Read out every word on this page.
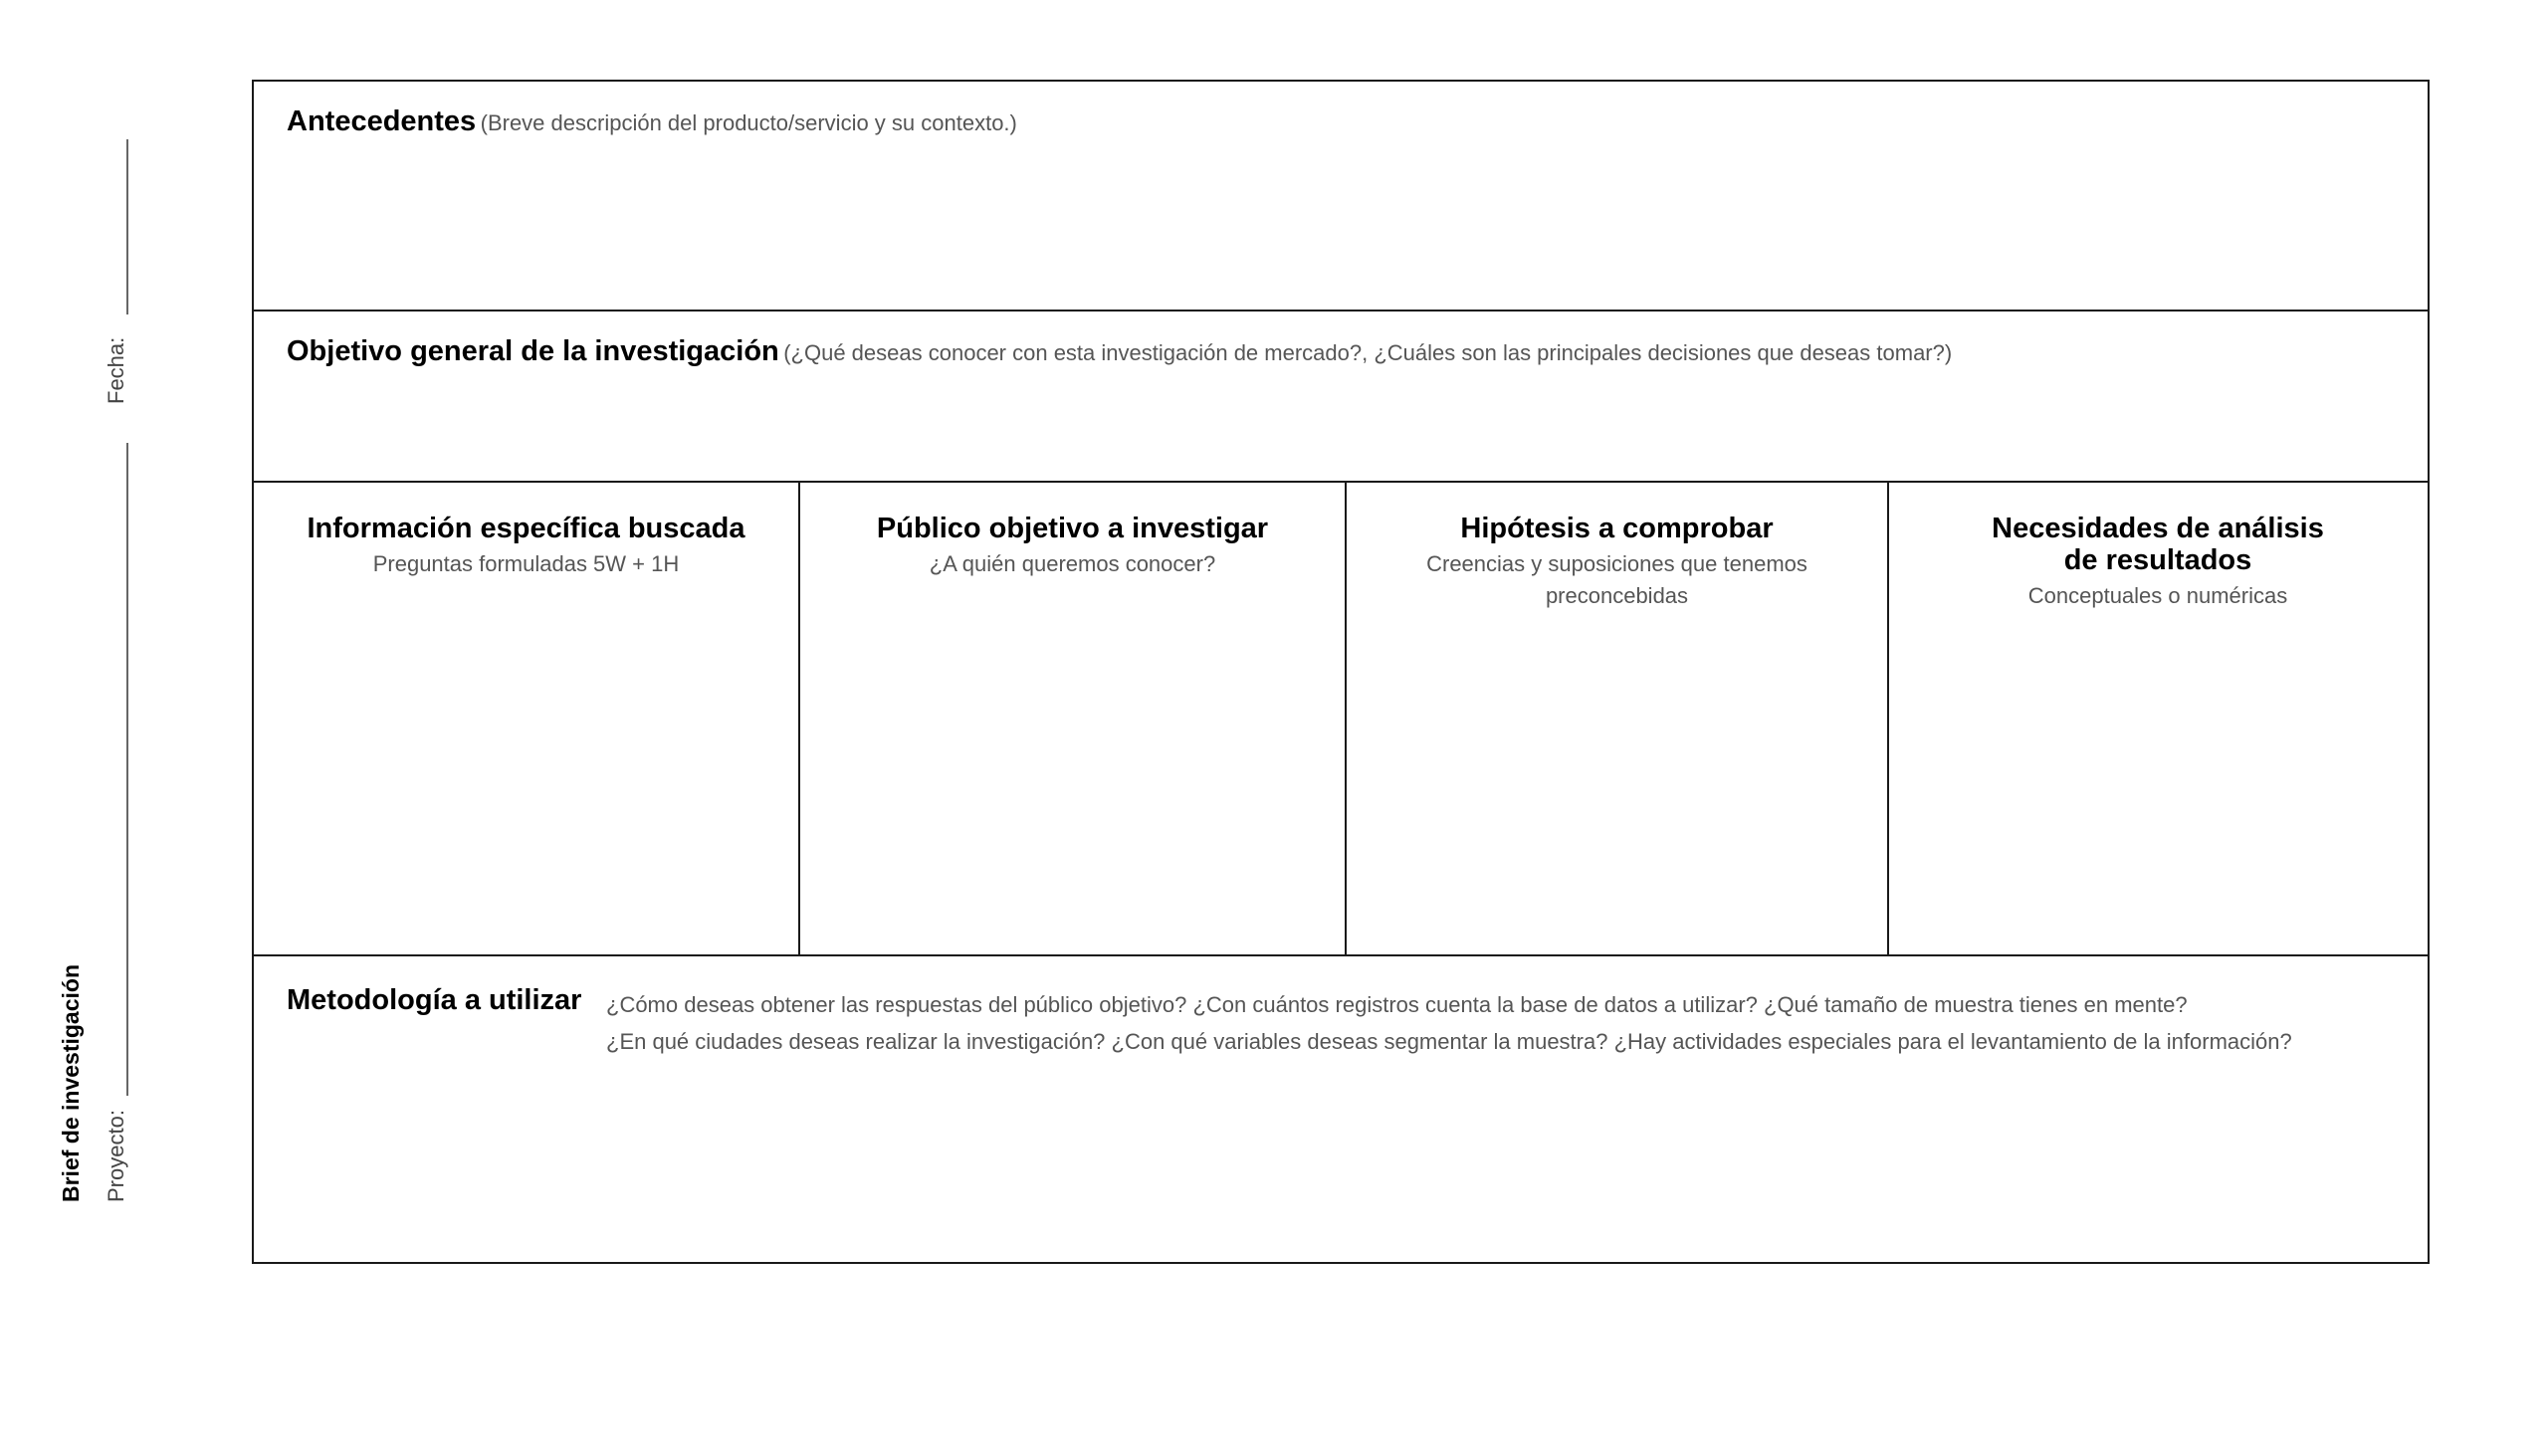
Brief de investigación Proyecto:
Fecha:
Antecedentes (Breve descripción del producto/servicio y su contexto.)
Objetivo general de la investigación (¿Qué deseas conocer con esta investigación de mercado?, ¿Cuáles son las principales decisiones que deseas tomar?)
Información específica buscada
Preguntas formuladas 5W + 1H
Público objetivo a investigar
¿A quién queremos conocer?
Hipótesis a comprobar
Creencias y suposiciones que tenemos preconcebidas
Necesidades de análisis
de resultados
Conceptuales o numéricas
Metodología a utilizar ¿Cómo deseas obtener las respuestas del público objetivo? ¿Con cuántos registros cuenta la base de datos a utilizar? ¿Qué tamaño de muestra tienes en mente?
¿En qué ciudades deseas realizar la investigación? ¿Con qué variables deseas segmentar la muestra? ¿Hay actividades especiales para el levantamiento de la información?
